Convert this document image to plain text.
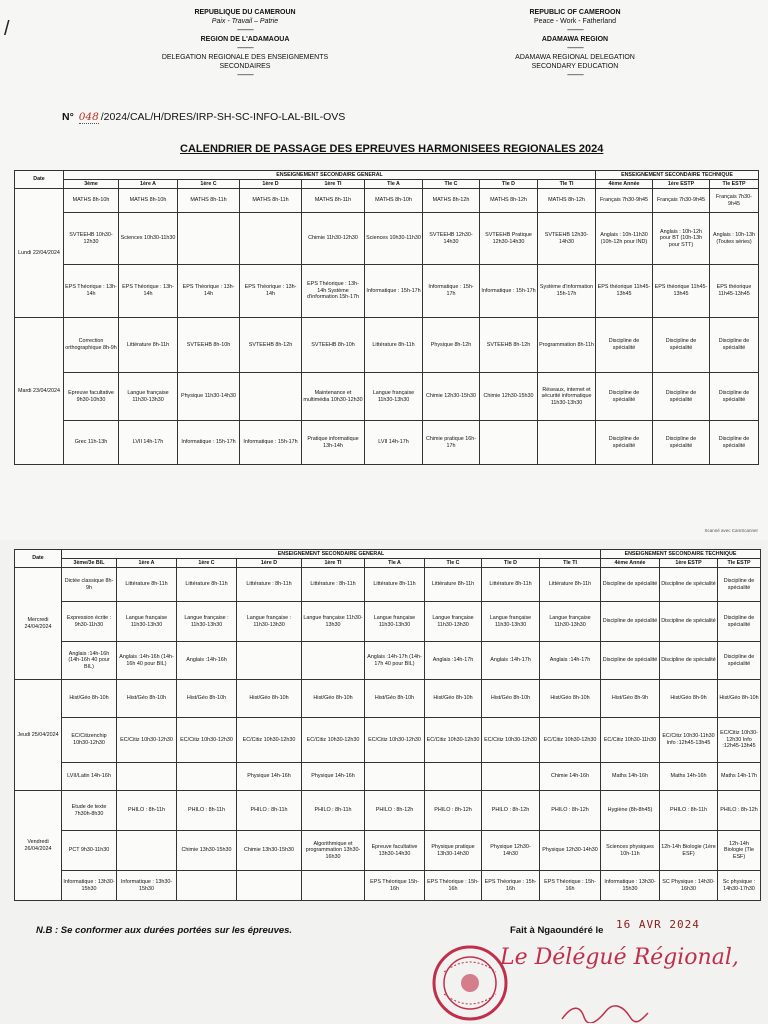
/
REPUBLIQUE DU CAMEROUN
Paix - Travail – Patrie

------------
REGION DE L'ADAMAOUA

------------
DELEGATION REGIONALE DES ENSEIGNEMENTS
SECONDAIRES
------------
REPUBLIC OF CAMEROON
Peace - Work - Fatherland

------------
ADAMAWA REGION

------------
ADAMAWA REGIONAL DELEGATION
SECONDARY EDUCATION
------------
N° 048 /2024/CAL/H/DRES/IRP-SH-SC-INFO-LAL-BIL-OVS
CALENDRIER DE PASSAGE DES EPREUVES HARMONISEES REGIONALES 2024
Date	ENSEIGNEMENT SECONDAIRE GENERAL									ENSEIGNEMENT SECONDAIRE TECHNIQUE		
	3ème	1ère A	1ère C	1ère D	1ère TI	Tle A	Tle C	Tle D	Tle TI	4ème Année	1ère ESTP	Tle ESTP
Lundi 22/04/2024	MATHS 8h-10h	MATHS 8h-10h	MATHS 8h-11h	MATHS 8h-11h	MATHS 8h-11h	MATHS 8h-10h	MATHS 8h-12h	MATHS 8h-12h	MATHS 8h-12h	Français 7h30-9h45	Français 7h30-9h45	Français 7h30-9h45
	SVTEEHB 10h30-12h30	Sciences 10h30-11h30			Chimie 11h30-12h30	Sciences 10h30-11h30	SVTEEHB 12h30-14h30	SVTEEHB Pratique 12h30-14h30	SVTEEHB 12h30-14h30	Anglais : 10h-11h30 (10h-12h pour IND)	Anglais : 10h-12h pour BT (10h-13h pour STT)	Anglais : 10h-13h (Toutes séries)
	EPS Théorique : 13h-14h	EPS Théorique : 13h-14h	EPS Théorique : 13h-14h	EPS Théorique : 13h-14h	EPS Théorique : 13h-14h Système d'information 15h-17h	Informatique : 15h-17h	Informatique : 15h-17h	Informatique : 15h-17h	Système d'information 15h-17h	EPS théorique 11h45-13h45	EPS théorique 11h45-13h45	EPS théorique 11h45-13h45
Mardi 23/04/2024	Correction orthographique 8h-9h	Littérature 8h-11h	SVTEEHB 8h-10h	SVTEEHB 8h-12h	SVTEEHB 8h-10h	Littérature 8h-11h	Physique 8h-12h	SVTEEHB 8h-12h	Programmation 8h-11h	Discipline de spécialité	Discipline de spécialité	Discipline de spécialité
	Epreuve facultative 9h30-10h30	Langue française 11h30-13h30	Physique 11h30-14h30		Maintenance et multimédia 10h30-12h30	Langue française 11h30-13h30	Chimie 12h30-15h30	Chimie 12h30-15h30	Réseaux, internet et sécurité informatique 11h30-13h30	Discipline de spécialité	Discipline de spécialité	Discipline de spécialité
	Grec 11h-13h	LVII 14h-17h	Informatique : 15h-17h	Informatique : 15h-17h	Pratique informatique 13h-14h	LVII 14h-17h	Chimie pratique 16h-17h			Discipline de spécialité	Discipline de spécialité	Discipline de spécialité
Scanné avec CamScanner
Date	ENSEIGNEMENT SECONDAIRE GENERAL									ENSEIGNEMENT SECONDAIRE TECHNIQUE		
	3ème/3e BIL	1ère A	1ère C	1ère D	1ère TI	Tle A	Tle C	Tle D	Tle TI	4ème Année	1ère ESTP	Tle ESTP
Mercredi 24/04/2024	Dictée classique 8h-9h	Littérature 8h-11h	Littérature 8h-11h	Littérature : 8h-11h	Littérature : 8h-11h	Littérature 8h-11h	Littérature 8h-11h	Littérature 8h-11h	Littérature 8h-11h	Discipline de spécialité	Discipline de spécialité	Discipline de spécialité
	Expression écrite : 9h30-11h30	Langue française 11h30-13h30	Langue française : 11h30-13h30	Langue française : 11h30-13h30	Langue française 11h30-13h30	Langue française 11h30-13h30	Langue française 11h30-13h30	Langue française 11h30-13h30	Langue française 11h30-13h30	Discipline de spécialité	Discipline de spécialité	Discipline de spécialité
	Anglais :14h-16h (14h-16h 40 pour BIL)	Anglais :14h-16h (14h-16h 40 pour BIL)	Anglais :14h-16h			Anglais :14h-17h (14h-17h 40 pour BIL)	Anglais :14h-17h	Anglais :14h-17h	Anglais :14h-17h	Discipline de spécialité	Discipline de spécialité	Discipline de spécialité
Jeudi 25/04/2024	Hist/Géo 8h-10h	Hist/Géo 8h-10h	Hist/Géo 8h-10h	Hist/Géo 8h-10h	Hist/Géo 8h-10h	Hist/Géo 8h-10h	Hist/Géo 8h-10h	Hist/Géo 8h-10h	Hist/Géo 8h-10h	Hist/Géo 8h-9h	Hist/Géo 8h-9h	Hist/Géo 8h-10h
	EC/Citizenchip 10h30-12h30	EC/Citiz 10h30-12h30	EC/Citiz 10h30-12h30	EC/Citiz 10h30-12h30	EC/Citiz 10h30-12h30	EC/Citiz 10h30-12h30	EC/Citiz 10h30-12h30	EC/Citiz 10h30-12h30	EC/Citiz 10h30-12h30	EC/Citiz 10h30-11h30	EC/Citiz 10h30-11h30 Info :12h45-13h45	EC/Citiz 10h30-12h30 Info :12h45-13h45
	LVII/Latin 14h-16h			Physique 14h-16h	Physique 14h-16h				Chimie 14h-16h	Maths 14h-16h	Maths 14h-16h	Maths 14h-17h
Vendredi 26/04/2024	Etude de texte 7h30h-8h30	PHILO : 8h-11h	PHILO : 8h-11h	PHILO : 8h-11h	PHILO : 8h-11h	PHILO : 8h-12h	PHILO : 8h-12h	PHILO : 8h-12h	PHILO : 8h-12h	Hygiène (8h-8h45)	PHILO : 8h-11h	PHILO : 8h-12h
	PCT 9h30-11h30		Chimie 13h30-15h30	Chimie 13h30-15h30	Algorithmique et programmation 13h30-16h30	Epreuve facultative 13h30-14h30	Physique pratique 13h30-14h30	Physique 12h30-14h30	Physique 12h30-14h30	Sciences physiques 10h-11h	12h-14h Biologie (1ère ESF)	12h-14h Biologie (Tle ESF)
	Informatique : 13h30-15h30	Informatique : 13h30-15h30				EPS Théorique 15h-16h	EPS Théorique : 15h-16h	EPS Théorique : 15h-16h	EPS Théorique : 15h-16h	Informatique : 13h30-15h30	SC Physique : 14h30-16h30	Sc physique : 14h30-17h30
N.B : Se conformer aux durées portées sur les épreuves.	Fait à Ngaoundéré le 16 AVR 2024
Le Délégué Régional,
